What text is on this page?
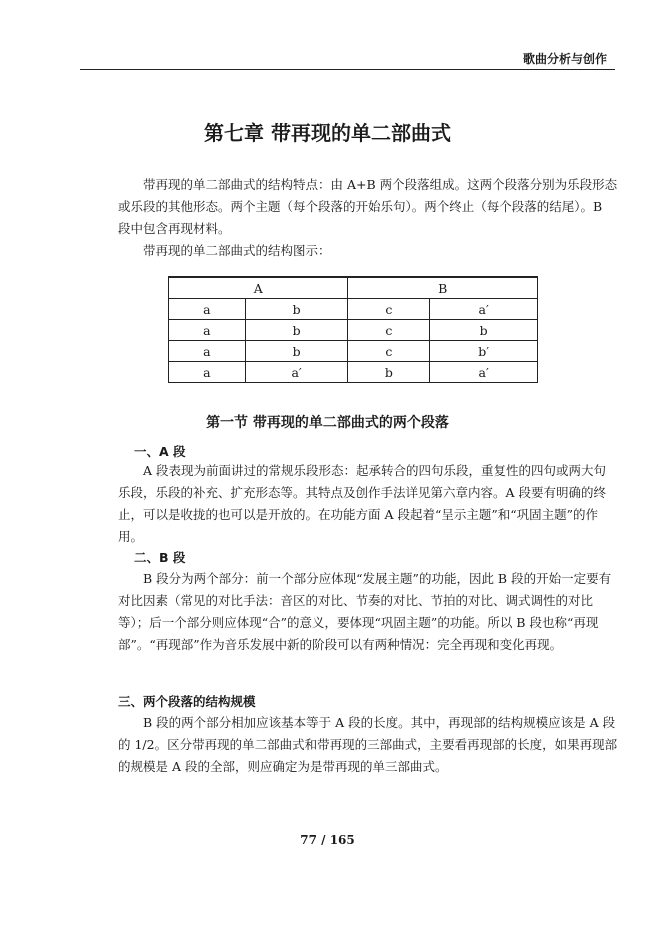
歌曲分析与创作
第七章 带再现的单二部曲式

带再现的单二部曲式的结构特点：由 A+B 两个段落组成。这两个段落分别为乐段形态或乐段的其他形态。两个主题（每个段落的开始乐句）。两个终止（每个段落的结尾）。B 段中包含再现材料。

带再现的单二部曲式的结构图示：

A		B	
a	b	c	a′
a	b	c	b
a	b	c	b′
a	a′	b	a′
第一节 带再现的单二部曲式的两个段落
一、A 段

A 段表现为前面讲过的常规乐段形态：起承转合的四句乐段，重复性的四句或两大句乐段，乐段的补充、扩充形态等。其特点及创作手法详见第六章内容。A 段要有明确的终止，可以是收拢的也可以是开放的。在功能方面 A 段起着“呈示主题”和“巩固主题”的作用。

二、B 段

B 段分为两个部分：前一个部分应体现“发展主题”的功能，因此 B 段的开始一定要有对比因素（常见的对比手法：音区的对比、节奏的对比、节拍的对比、调式调性的对比等）；后一个部分则应体现“合”的意义，要体现“巩固主题”的功能。所以 B 段也称“再现部”。“再现部”作为音乐发展中新的阶段可以有两种情况：完全再现和变化再现。

三、两个段落的结构规模

B 段的两个部分相加应该基本等于 A 段的长度。其中，再现部的结构规模应该是 A 段的 1/2。区分带再现的单二部曲式和带再现的三部曲式，主要看再现部的长度，如果再现部的规模是 A 段的全部，则应确定为是带再现的单三部曲式。

77 / 165
